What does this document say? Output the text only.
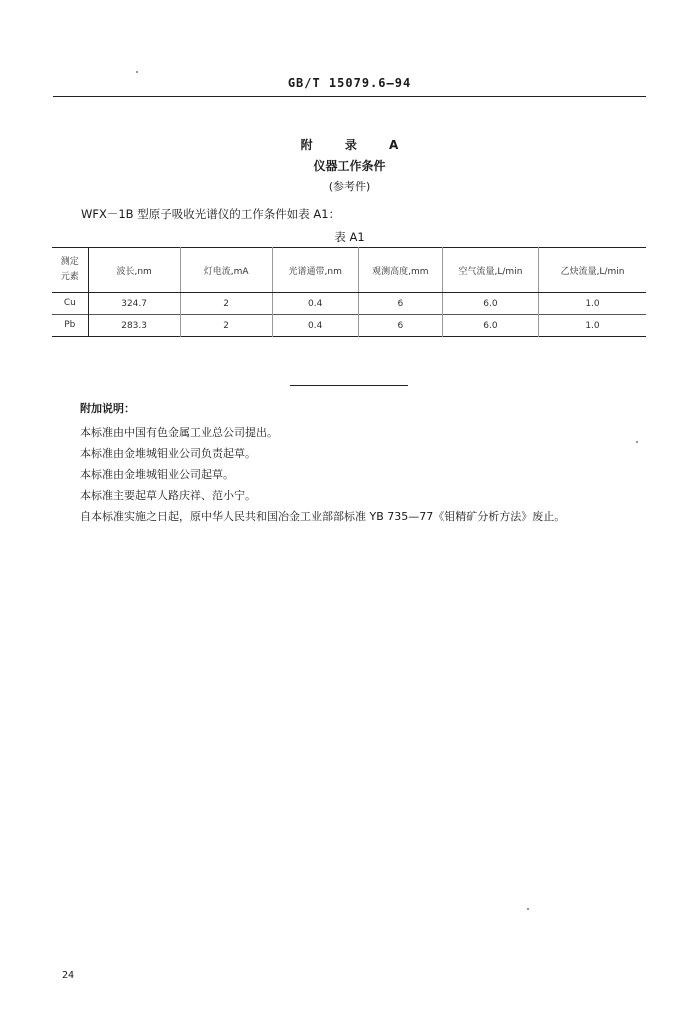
GB/T 15079.6—94
附 录 A
仪器工作条件
(参考件)
WFX－1B 型原子吸收光谱仪的工作条件如表 A1：
表 A1
测定
元素	波长,nm	灯电流,mA	光谱通带,nm	观测高度,mm	空气流量,L/min	乙炔流量,L/min
Cu	324.7	2	0.4	6	6.0	1.0
Pb	283.3	2	0.4	6	6.0	1.0
附加说明：
本标准由中国有色金属工业总公司提出。
本标准由金堆城钼业公司负责起草。
本标准由金堆城钼业公司起草。
本标准主要起草人路庆祥、范小宁。
自本标准实施之日起，原中华人民共和国冶金工业部部标准 YB 735—77《钼精矿分析方法》废止。
24
